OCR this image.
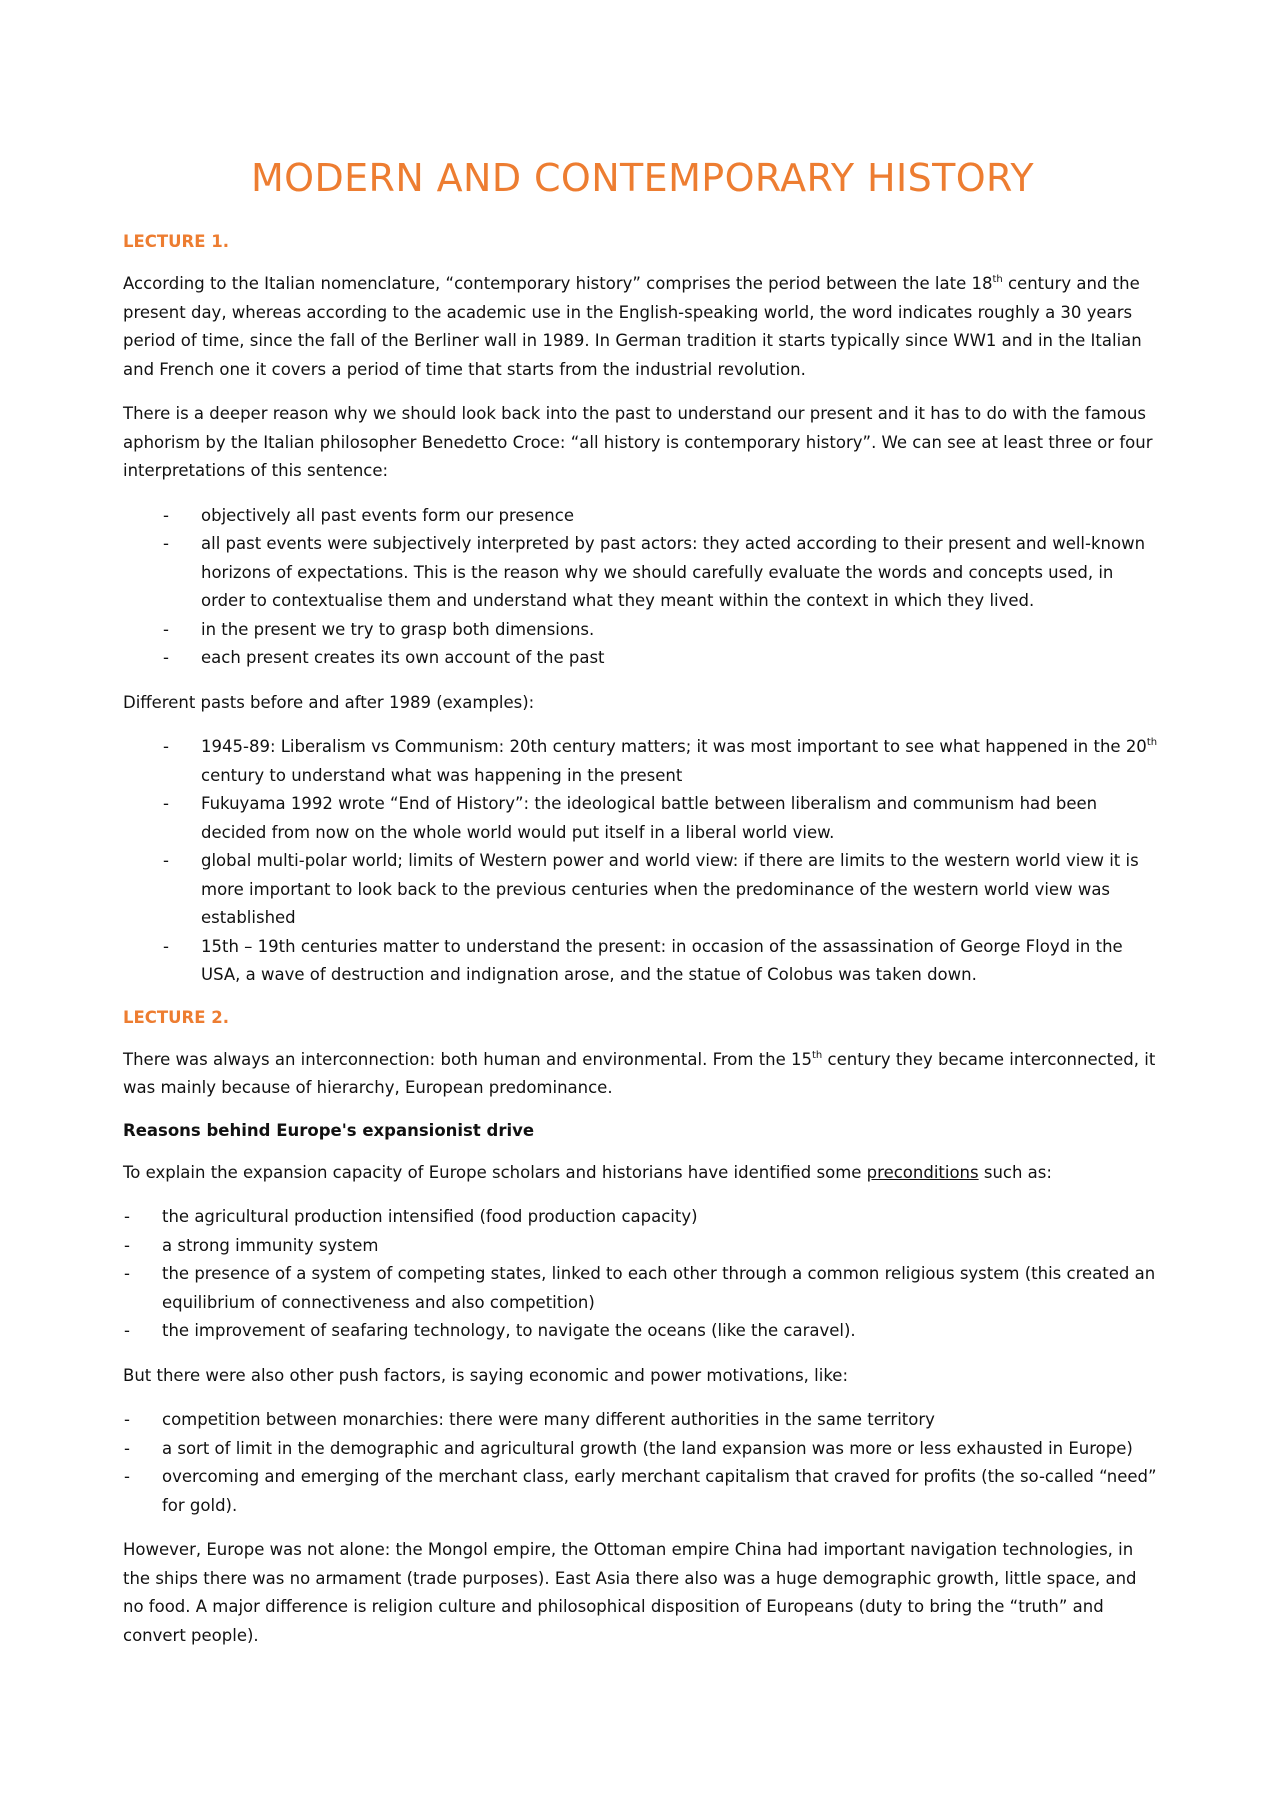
MODERN AND CONTEMPORARY HISTORY
LECTURE 1.

According to the Italian nomenclature, “contemporary history” comprises the period between the late 18th century and the present day, whereas according to the academic use in the English-speaking world, the word indicates roughly a 30 years period of time, since the fall of the Berliner wall in 1989. In German tradition it starts typically since WW1 and in the Italian and French one it covers a period of time that starts from the industrial revolution.

There is a deeper reason why we should look back into the past to understand our present and it has to do with the famous aphorism by the Italian philosopher Benedetto Croce: “all history is contemporary history”. We can see at least three or four interpretations of this sentence:

- objectively all past events form our presence
- all past events were subjectively interpreted by past actors: they acted according to their present and well-known horizons of expectations. This is the reason why we should carefully evaluate the words and concepts used, in order to contextualise them and understand what they meant within the context in which they lived.
- in the present we try to grasp both dimensions.
- each present creates its own account of the past

Different pasts before and after 1989 (examples):

- 1945-89: Liberalism vs Communism: 20th century matters; it was most important to see what happened in the 20th century to understand what was happening in the present
- Fukuyama 1992 wrote “End of History”: the ideological battle between liberalism and communism had been decided from now on the whole world would put itself in a liberal world view.
- global multi-polar world; limits of Western power and world view: if there are limits to the western world view it is more important to look back to the previous centuries when the predominance of the western world view was established
- 15th – 19th centuries matter to understand the present: in occasion of the assassination of George Floyd in the USA, a wave of destruction and indignation arose, and the statue of Colobus was taken down.
LECTURE 2.

There was always an interconnection: both human and environmental. From the 15th century they became interconnected, it was mainly because of hierarchy, European predominance.

Reasons behind Europe's expansionist drive

To explain the expansion capacity of Europe scholars and historians have identified some preconditions such as:

- the agricultural production intensified (food production capacity)
- a strong immunity system
- the presence of a system of competing states, linked to each other through a common religious system (this created an equilibrium of connectiveness and also competition)
- the improvement of seafaring technology, to navigate the oceans (like the caravel).

But there were also other push factors, is saying economic and power motivations, like:

- competition between monarchies: there were many different authorities in the same territory
- a sort of limit in the demographic and agricultural growth (the land expansion was more or less exhausted in Europe)
- overcoming and emerging of the merchant class, early merchant capitalism that craved for profits (the so-called “need” for gold).

However, Europe was not alone: the Mongol empire, the Ottoman empire China had important navigation technologies, in the ships there was no armament (trade purposes). East Asia there also was a huge demographic growth, little space, and no food. A major difference is religion culture and philosophical disposition of Europeans (duty to bring the “truth” and convert people).
